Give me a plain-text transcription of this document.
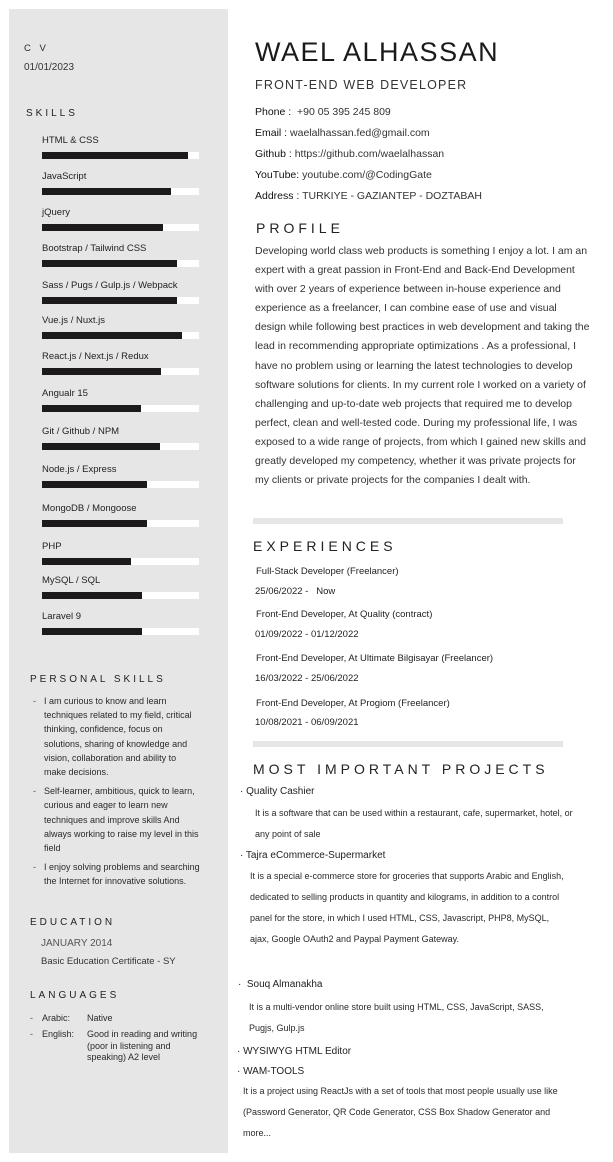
C V
01/01/2023
SKILLS
HTML & CSS
JavaScript
jQuery
Bootstrap / Tailwind CSS
Sass / Pugs / Gulp.js / Webpack
Vue.js / Nuxt.js
React.js / Next.js / Redux
Angualr 15
Git / Github / NPM
Node.js / Express
MongoDB / Mongoose
PHP
MySQL / SQL
Laravel 9
PERSONAL SKILLS
- I am curious to know and learn techniques related to my field, critical thinking, confidence, focus on solutions, sharing of knowledge and vision, collaboration and ability to make decisions.
- Self-learner, ambitious, quick to learn, curious and eager to learn new techniques and improve skills And always working to raise my level in this field
- I enjoy solving problems and searching the Internet for innovative solutions.
EDUCATION
JANUARY 2014
Basic Education Certificate - SY
LANGUAGES
-	Arabic:	Native
-	English:	Good in reading and writing (poor in listening and speaking) A2 level
WAEL ALHASSAN
FRONT-END WEB DEVELOPER
Phone : +90 05 395 245 809
Email : waelalhassan.fed@gmail.com
Github : https://github.com/waelalhassan
YouTube: youtube.com/@CodingGate
Address : TURKIYE - GAZIANTEP - DOZTABAH
PROFILE
Developing world class web products is something I enjoy a lot. I am an expert with a great passion in Front-End and Back-End Development with over 2 years of experience between in-house experience and experience as a freelancer, I can combine ease of use and visual design while following best practices in web development and taking the lead in recommending appropriate optimizations . As a professional, I have no problem using or learning the latest technologies to develop software solutions for clients. In my current role I worked on a variety of challenging and up-to-date web projects that required me to develop perfect, clean and well-tested code. During my professional life, I was exposed to a wide range of projects, from which I gained new skills and greatly developed my competency, whether it was private projects for my clients or private projects for the companies I dealt with.
EXPERIENCES
Full-Stack Developer (Freelancer)
25/06/2022 -   Now
Front-End Developer, At Quality (contract)
01/09/2022 - 01/12/2022
Front-End Developer, At Ultimate Bilgisayar (Freelancer)
16/03/2022 - 25/06/2022
Front-End Developer, At Progiom (Freelancer)
10/08/2021 - 06/09/2021
MOST IMPORTANT PROJECTS
· Quality Cashier
It is a software that can be used within a restaurant, cafe, supermarket, hotel, or any point of sale
· Tajra eCommerce-Supermarket
It is a special e-commerce store for groceries that supports Arabic and English, dedicated to selling products in quantity and kilograms, in addition to a control panel for the store, in which I used HTML, CSS, Javascript, PHP8, MySQL, ajax, Google OAuth2 and Paypal Payment Gateway.
·  Souq Almanakha
It is a multi-vendor online store built using HTML, CSS, JavaScript, SASS, Pugjs, Gulp.js
· WYSIWYG HTML Editor
· WAM-TOOLS
It is a project using ReactJs with a set of tools that most people usually use like (Password Generator, QR Code Generator, CSS Box Shadow Generator and more...
